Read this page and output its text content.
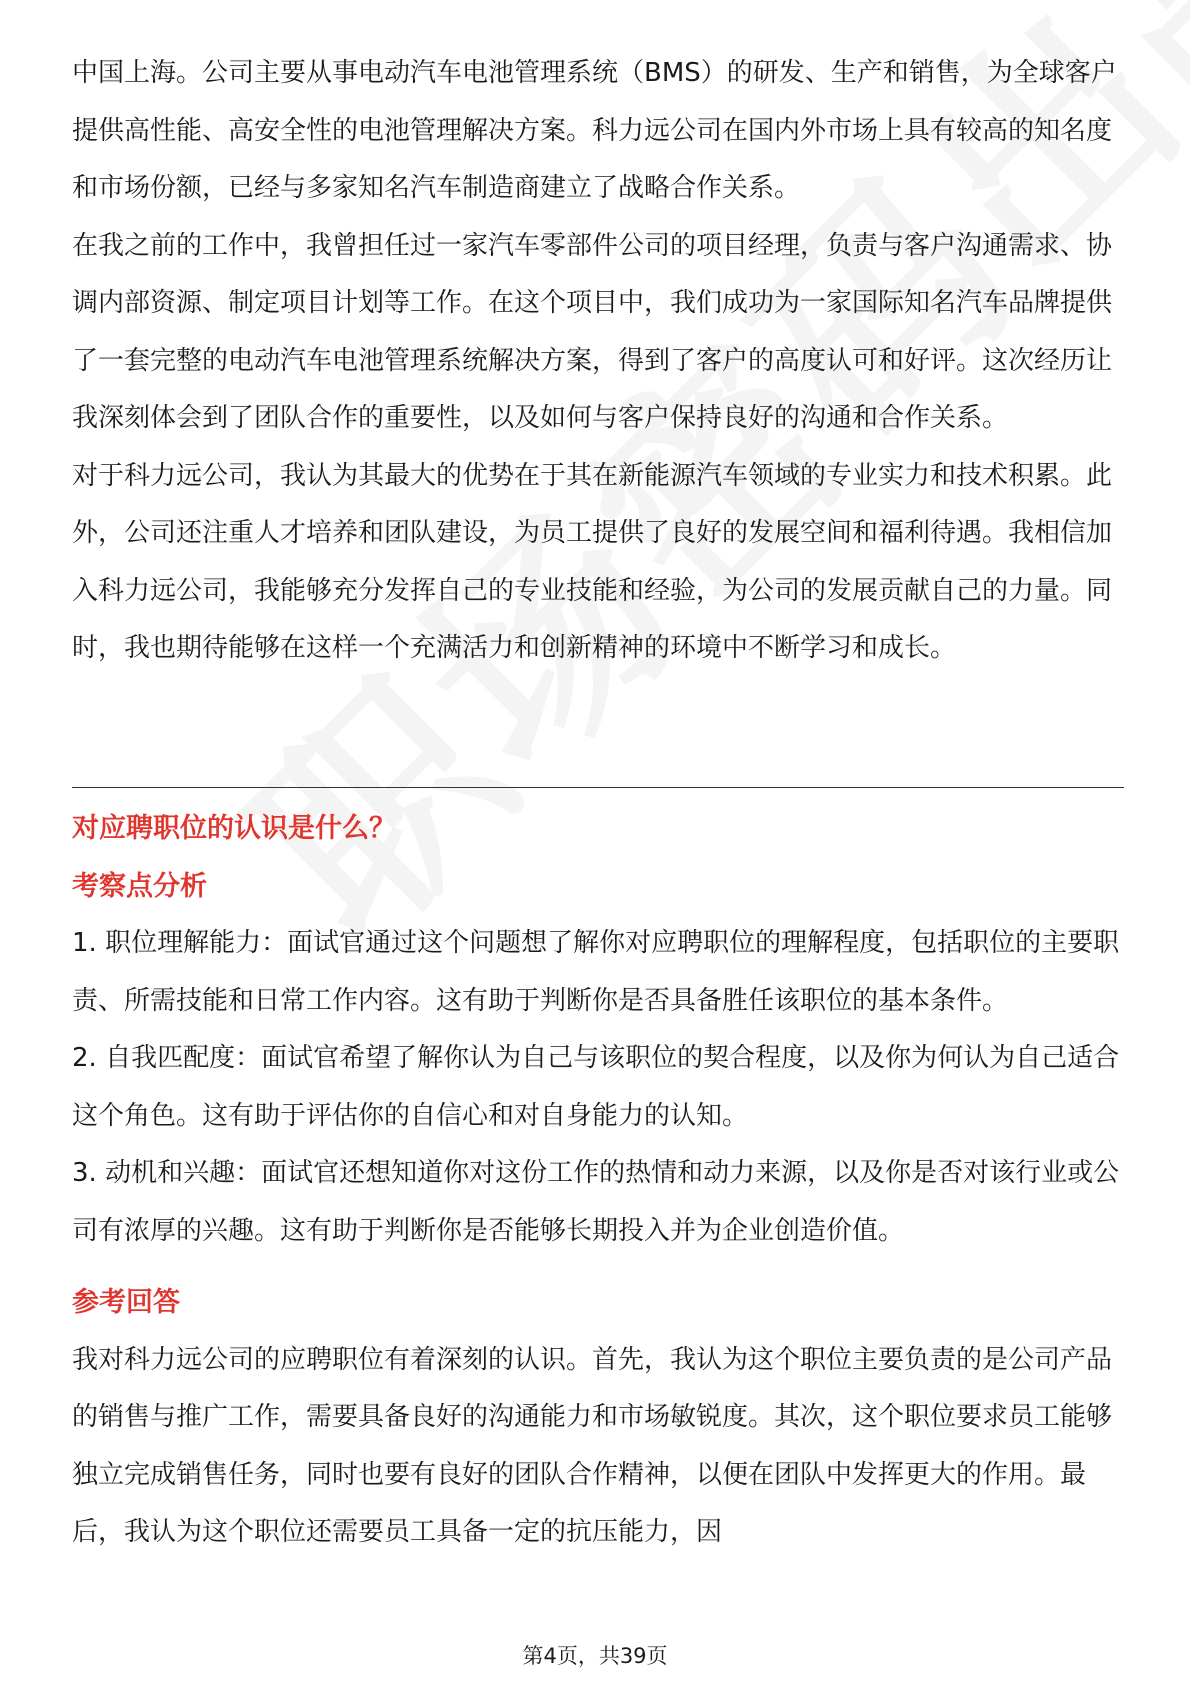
中国上海。公司主要从事电动汽车电池管理系统（BMS）的研发、生产和销售，为全球客户提供高性能、高安全性的电池管理解决方案。科力远公司在国内外市场上具有较高的知名度和市场份额，已经与多家知名汽车制造商建立了战略合作关系。

在我之前的工作中，我曾担任过一家汽车零部件公司的项目经理，负责与客户沟通需求、协调内部资源、制定项目计划等工作。在这个项目中，我们成功为一家国际知名汽车品牌提供了一套完整的电动汽车电池管理系统解决方案，得到了客户的高度认可和好评。这次经历让我深刻体会到了团队合作的重要性，以及如何与客户保持良好的沟通和合作关系。

对于科力远公司，我认为其最大的优势在于其在新能源汽车领域的专业实力和技术积累。此外，公司还注重人才培养和团队建设，为员工提供了良好的发展空间和福利待遇。我相信加入科力远公司，我能够充分发挥自己的专业技能和经验，为公司的发展贡献自己的力量。同时，我也期待能够在这样一个充满活力和创新精神的环境中不断学习和成长。

对应聘职位的认识是什么？

考察点分析

1. 职位理解能力：面试官通过这个问题想了解你对应聘职位的理解程度，包括职位的主要职责、所需技能和日常工作内容。这有助于判断你是否具备胜任该职位的基本条件。

2. 自我匹配度：面试官希望了解你认为自己与该职位的契合程度，以及你为何认为自己适合这个角色。这有助于评估你的自信心和对自身能力的认知。

3. 动机和兴趣：面试官还想知道你对这份工作的热情和动力来源，以及你是否对该行业或公司有浓厚的兴趣。这有助于判断你是否能够长期投入并为企业创造价值。

参考回答

我对科力远公司的应聘职位有着深刻的认识。首先，我认为这个职位主要负责的是公司产品的销售与推广工作，需要具备良好的沟通能力和市场敏锐度。其次，这个职位要求员工能够独立完成销售任务，同时也要有良好的团队合作精神，以便在团队中发挥更大的作用。最后，我认为这个职位还需要员工具备一定的抗压能力，因

第4页，共39页
